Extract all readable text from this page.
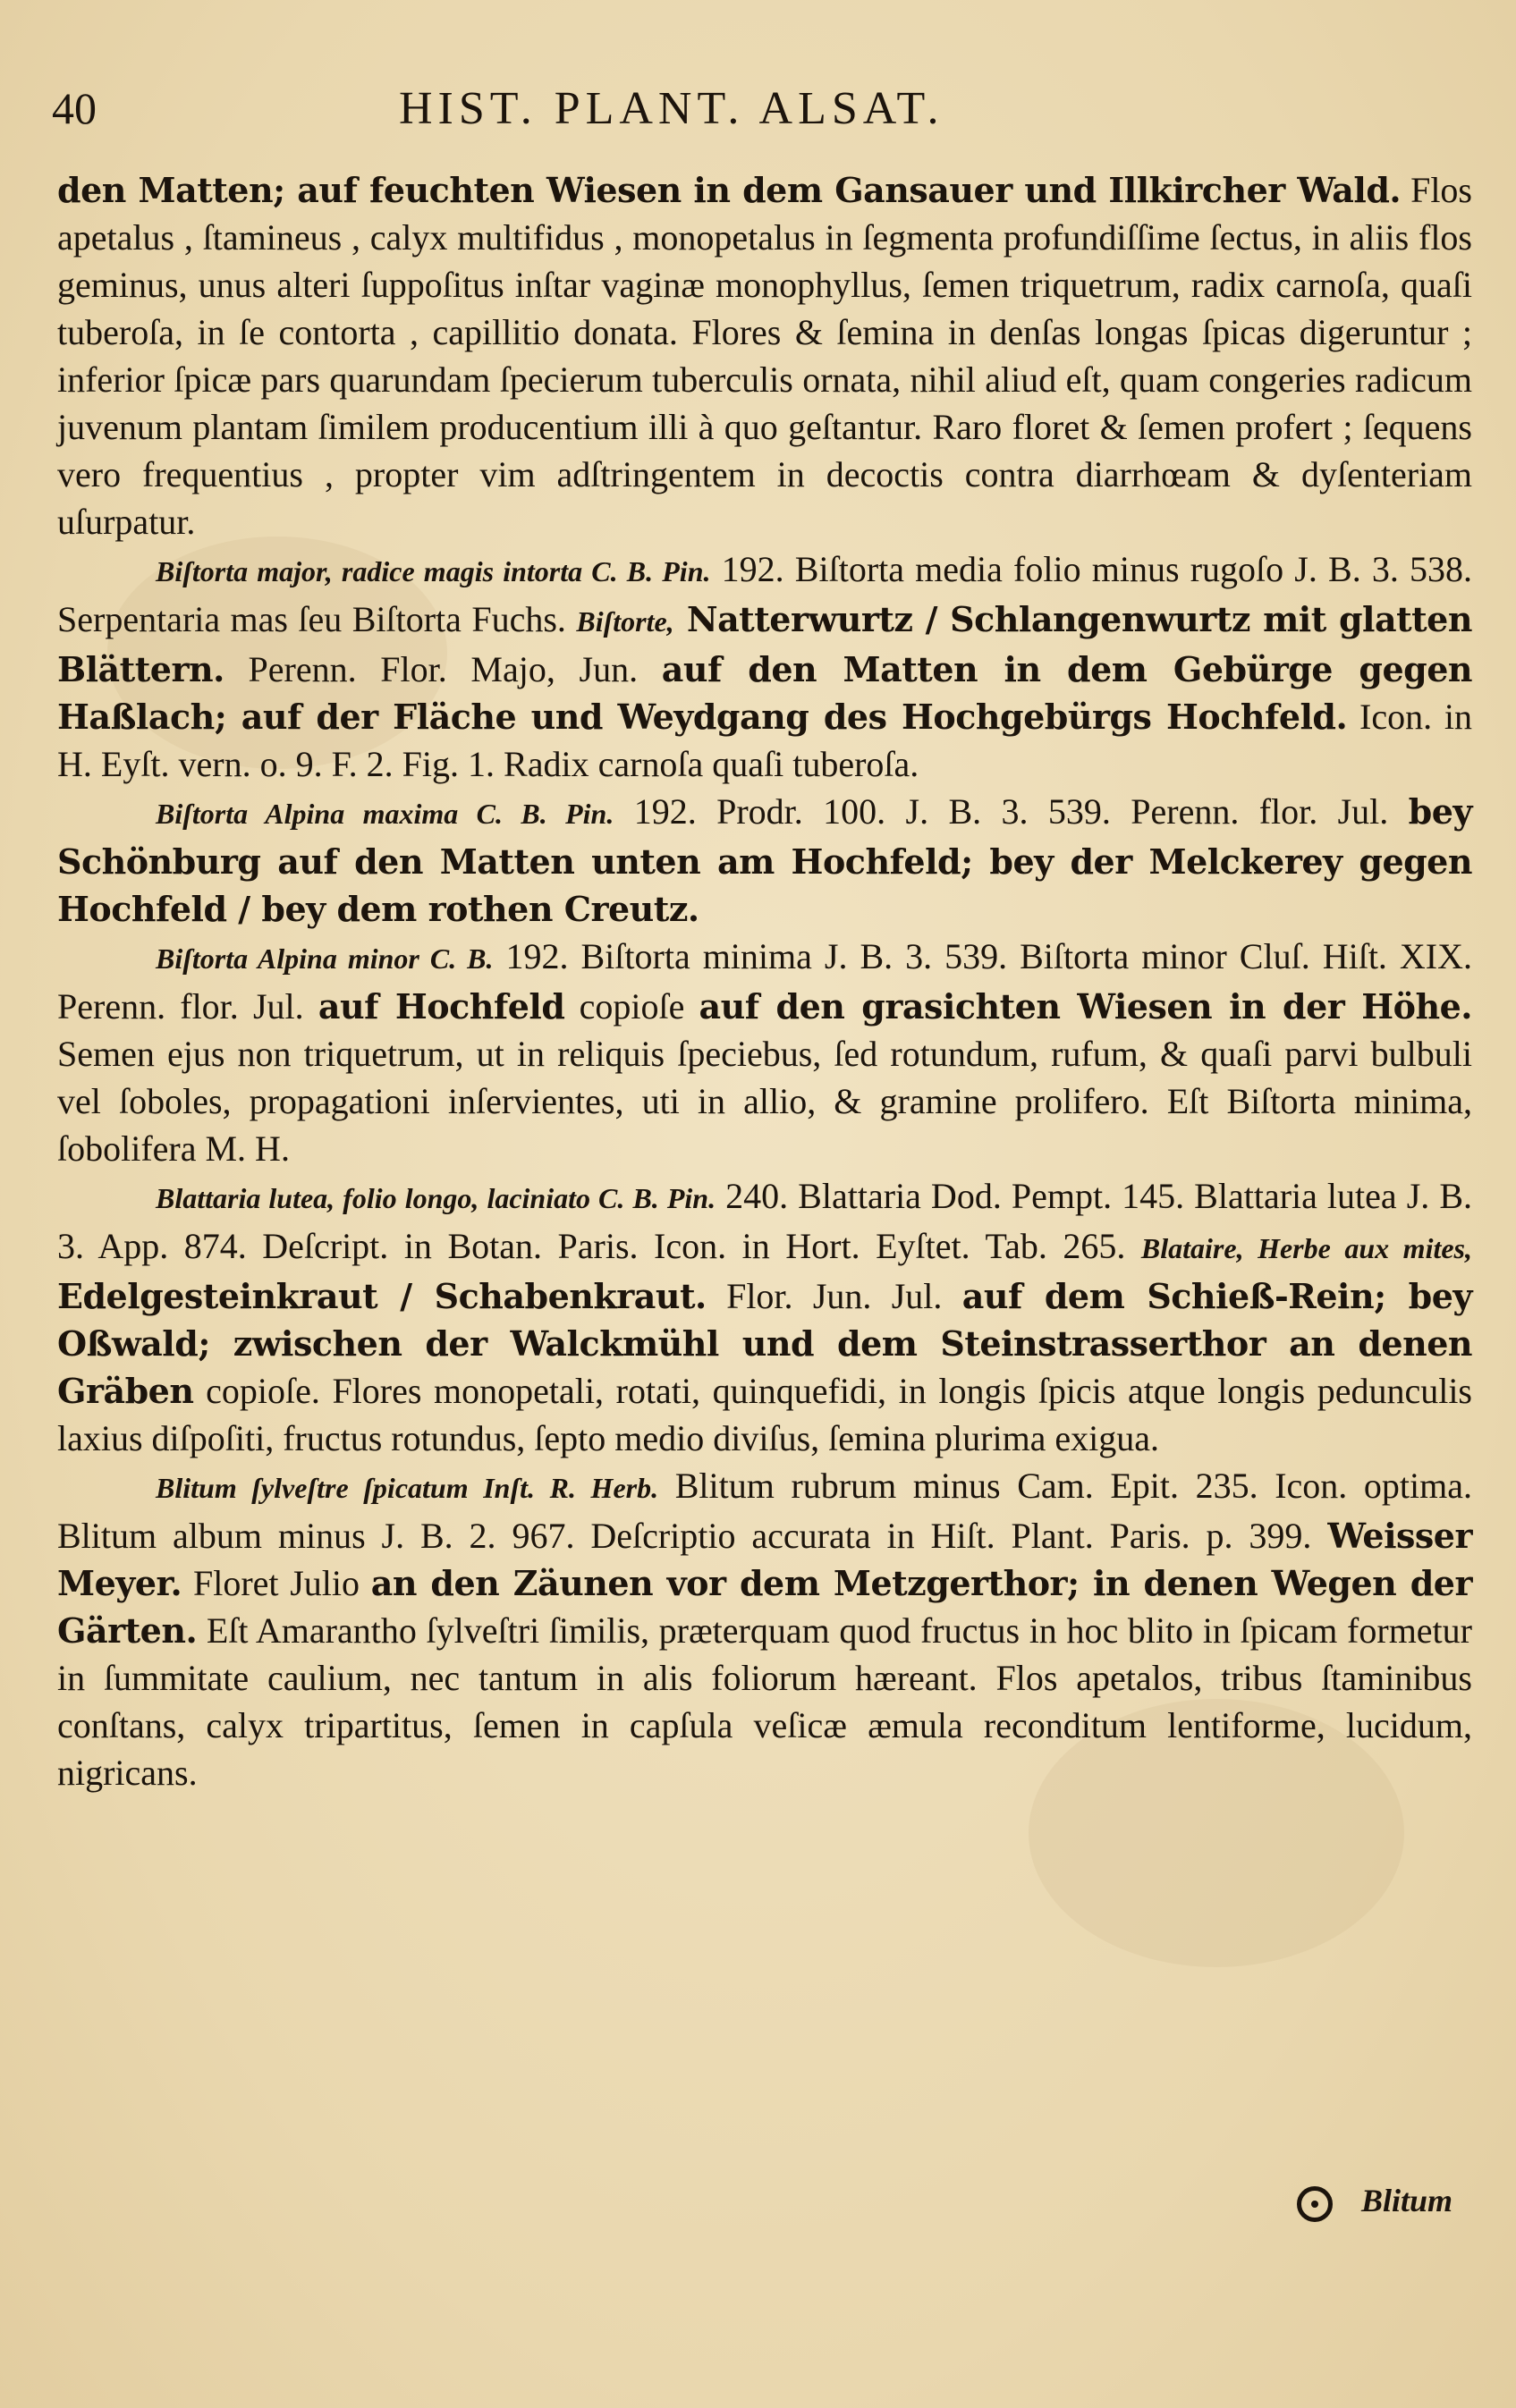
40	HIST. PLANT. ALSAT.

den Matten; auf feuchten Wiesen in dem Gansauer und Illkircher Wald. Flos apetalus , ſtamineus , calyx multifidus , monopetalus in ſegmenta profundiſſime ſectus, in aliis flos geminus, unus alteri ſuppoſitus inſtar vaginæ monophyllus, ſemen triquetrum, radix carnoſa, quaſi tuberoſa, in ſe contorta , capillitio donata. Flores & ſemina in denſas longas ſpicas digeruntur ; inferior ſpicæ pars quarundam ſpecierum tuberculis ornata, nihil aliud eſt, quam congeries radicum juvenum plantam ſimilem producentium illi à quo geſtantur. Raro floret & ſemen profert ; ſequens vero frequentius , propter vim adſtringentem in decoctis contra diarrhœam & dyſenteriam uſurpatur.

Biſtorta major, radice magis intorta C. B. Pin. 192. Biſtorta media folio minus rugoſo J. B. 3. 538. Serpentaria mas ſeu Biſtorta Fuchs. Biſtorte, Natterwurtz / Schlangenwurtz mit glatten Blättern. Perenn. Flor. Majo, Jun. auf den Matten in dem Gebürge gegen Haßlach; auf der Fläche und Weydgang des Hochgebürgs Hochfeld. Icon. in H. Eyſt. vern. o. 9. F. 2. Fig. 1. Radix carnoſa quaſi tuberoſa.

Biſtorta Alpina maxima C. B. Pin. 192. Prodr. 100. J. B. 3. 539. Perenn. flor. Jul. bey Schönburg auf den Matten unten am Hochfeld; bey der Melckerey gegen Hochfeld / bey dem rothen Creutz.

Biſtorta Alpina minor C. B. 192. Biſtorta minima J. B. 3. 539. Biſtorta minor Cluſ. Hiſt. XIX. Perenn. flor. Jul. auf Hochfeld copioſe auf den grasichten Wiesen in der Höhe. Semen ejus non triquetrum, ut in reliquis ſpeciebus, ſed rotundum, rufum, & quaſi parvi bulbuli vel ſoboles, propagationi inſervientes, uti in allio, & gramine prolifero. Eſt Biſtorta minima, ſobolifera M. H.

Blattaria lutea, folio longo, laciniato C. B. Pin. 240. Blattaria Dod. Pempt. 145. Blattaria lutea J. B. 3. App. 874. Deſcript. in Botan. Paris. Icon. in Hort. Eyſtet. Tab. 265. Blataire, Herbe aux mites, Edelgesteinkraut / Schabenkraut. Flor. Jun. Jul. auf dem Schieß-Rein; bey Oßwald; zwischen der Walckmühl und dem Steinstrasserthor an denen Gräben copioſe. Flores monopetali, rotati, quinquefidi, in longis ſpicis atque longis pedunculis laxius diſpoſiti, fructus rotundus, ſepto medio diviſus, ſemina plurima exigua.

Blitum ſylveſtre ſpicatum Inſt. R. Herb. Blitum rubrum minus Cam. Epit. 235. Icon. optima. Blitum album minus J. B. 2. 967. Deſcriptio accurata in Hiſt. Plant. Paris. p. 399. Weisser Meyer. Floret Julio an den Zäunen vor dem Metzgerthor; in denen Wegen der Gärten. Eſt Amarantho ſylveſtri ſimilis, præterquam quod fructus in hoc blito in ſpicam formetur in ſummitate caulium, nec tantum in alis foliorum hæreant. Flos apetalos, tribus ſtaminibus conſtans, calyx tripartitus, ſemen in capſula veſicæ æmula reconditum lentiforme, lucidum, nigricans.

Blitum
